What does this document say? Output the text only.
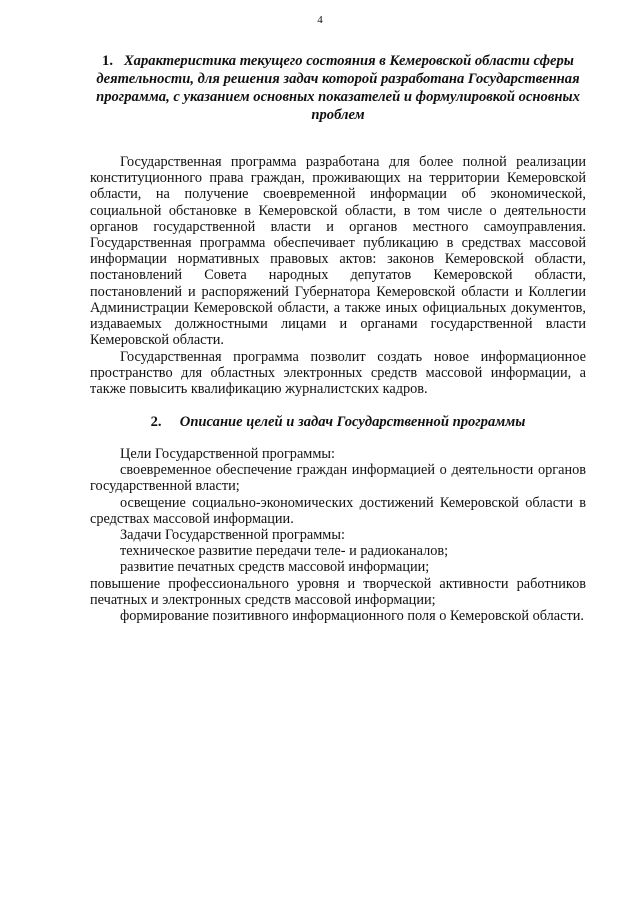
4
1. Характеристика текущего состояния в Кемеровской области сферы деятельности, для решения задач которой разработана Государственная программа, с указанием основных показателей и формулировкой основных проблем

Государственная программа разработана для более полной реализации конституционного права граждан, проживающих на территории Кемеровской области, на получение своевременной информации об экономической, социальной обстановке в Кемеровской области, в том числе о деятельности органов государственной власти и органов местного самоуправления. Государственная программа обеспечивает публикацию в средствах массовой информации нормативных правовых актов: законов Кемеровской области, постановлений Совета народных депутатов Кемеровской области, постановлений и распоряжений Губернатора Кемеровской области и Коллегии Администрации Кемеровской области, а также иных официальных документов, издаваемых должностными лицами и органами государственной власти Кемеровской области.

Государственная программа позволит создать новое информационное пространство для областных электронных средств массовой информации, а также повысить квалификацию журналистских кадров.

2. Описание целей и задач Государственной программы

Цели Государственной программы:

своевременное обеспечение граждан информацией о деятельности органов государственной власти;

освещение социально-экономических достижений Кемеровской области в средствах массовой информации.

Задачи Государственной программы:

техническое развитие передачи теле- и радиоканалов;

развитие печатных средств массовой информации;

повышение профессионального уровня и творческой активности работников печатных и электронных средств массовой информации;

формирование позитивного информационного поля о Кемеровской области.
